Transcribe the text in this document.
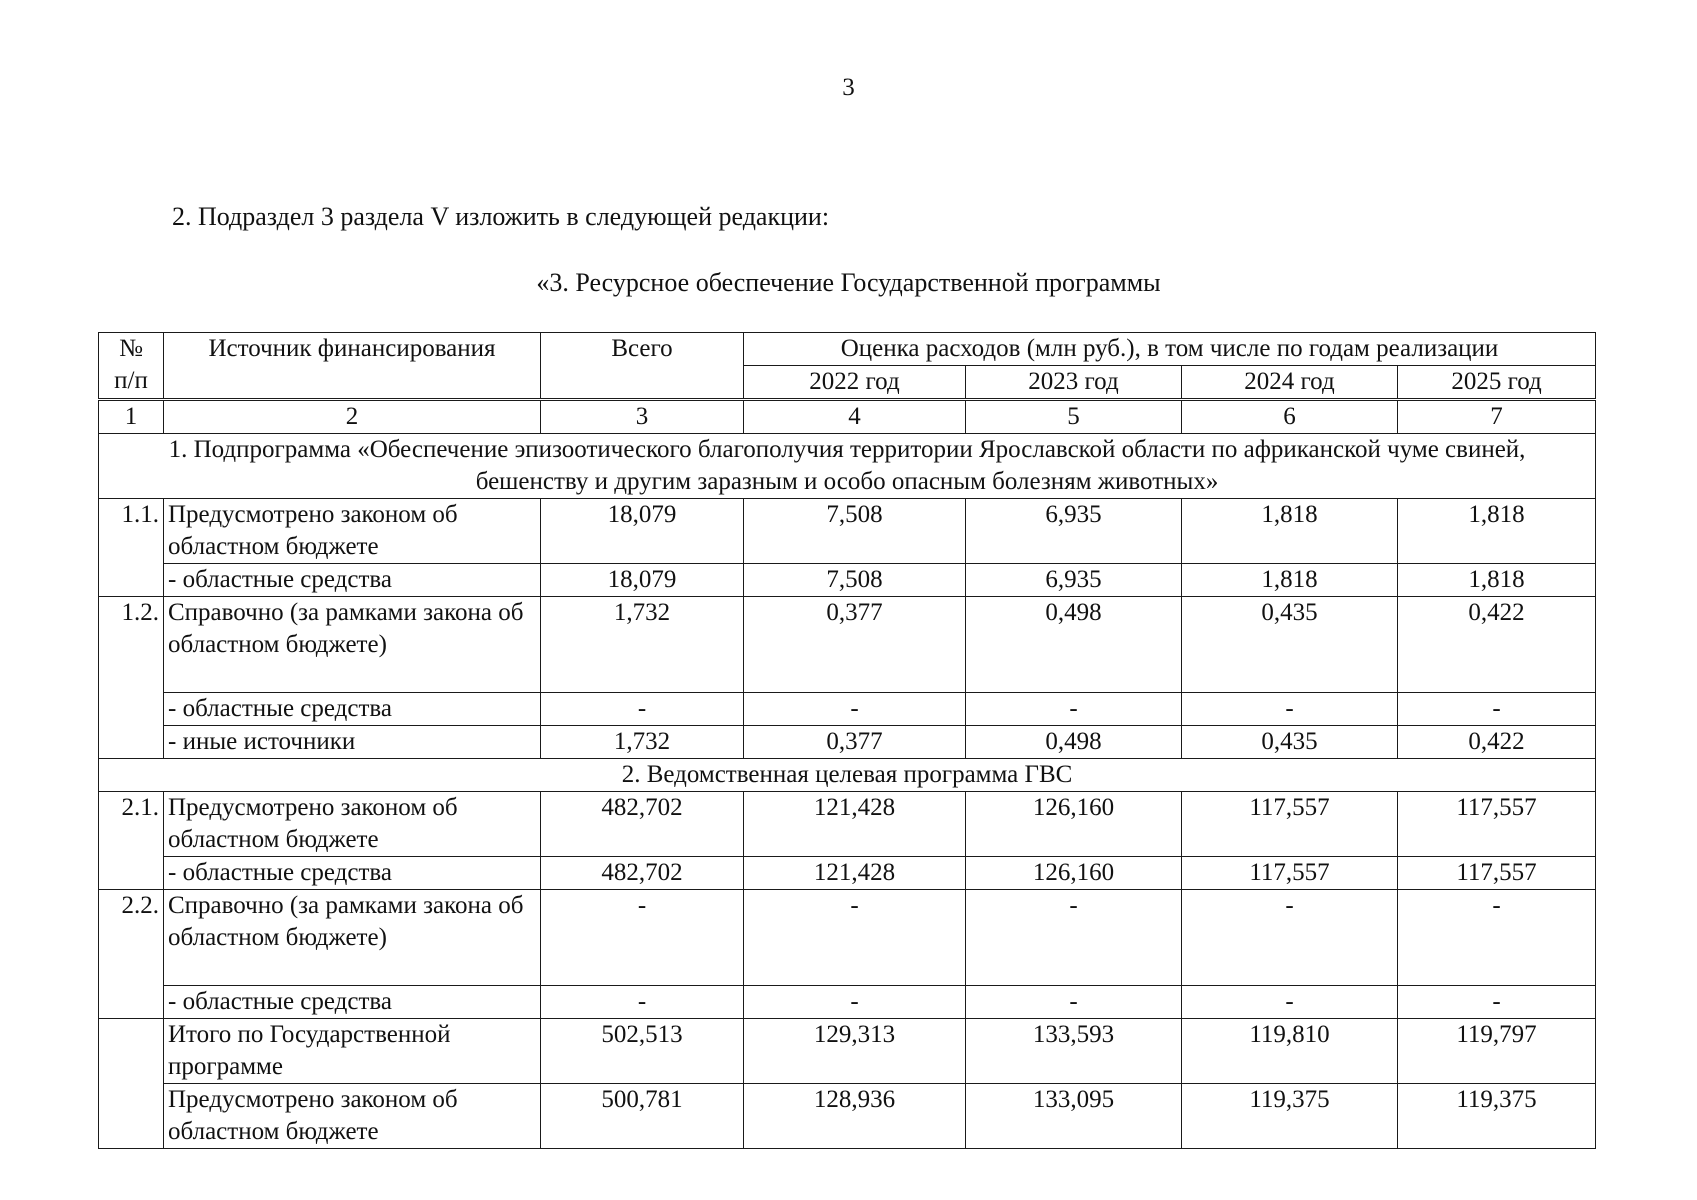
3
2. Подраздел 3 раздела V изложить в следующей редакции:
«3. Ресурсное обеспечение Государственной программы
№
п/п	Источник финансирования	Всего	Оценка расходов (млн руб.), в том числе по годам реализации			
			2022 год	2023 год	2024 год	2025 год
1	2	3	4	5	6	7
1. Подпрограмма «Обеспечение эпизоотического благополучия территории Ярославской области по африканской чуме свиней, бешенству и другим заразным и особо опасным болезням животных»						
1.1.	Предусмотрено законом об областном бюджете	18,079	7,508	6,935	1,818	1,818
	- областные средства	18,079	7,508	6,935	1,818	1,818
1.2.	Справочно (за рамками закона об областном бюджете)	1,732	0,377	0,498	0,435	0,422
	- областные средства	-	-	-	-	-
	- иные источники	1,732	0,377	0,498	0,435	0,422
2. Ведомственная целевая программа ГВС						
2.1.	Предусмотрено законом об областном бюджете	482,702	121,428	126,160	117,557	117,557
	- областные средства	482,702	121,428	126,160	117,557	117,557
2.2.	Справочно (за рамками закона об областном бюджете)	-	-	-	-	-
	- областные средства	-	-	-	-	-
	Итого по Государственной программе	502,513	129,313	133,593	119,810	119,797
	Предусмотрено законом об областном бюджете	500,781	128,936	133,095	119,375	119,375
